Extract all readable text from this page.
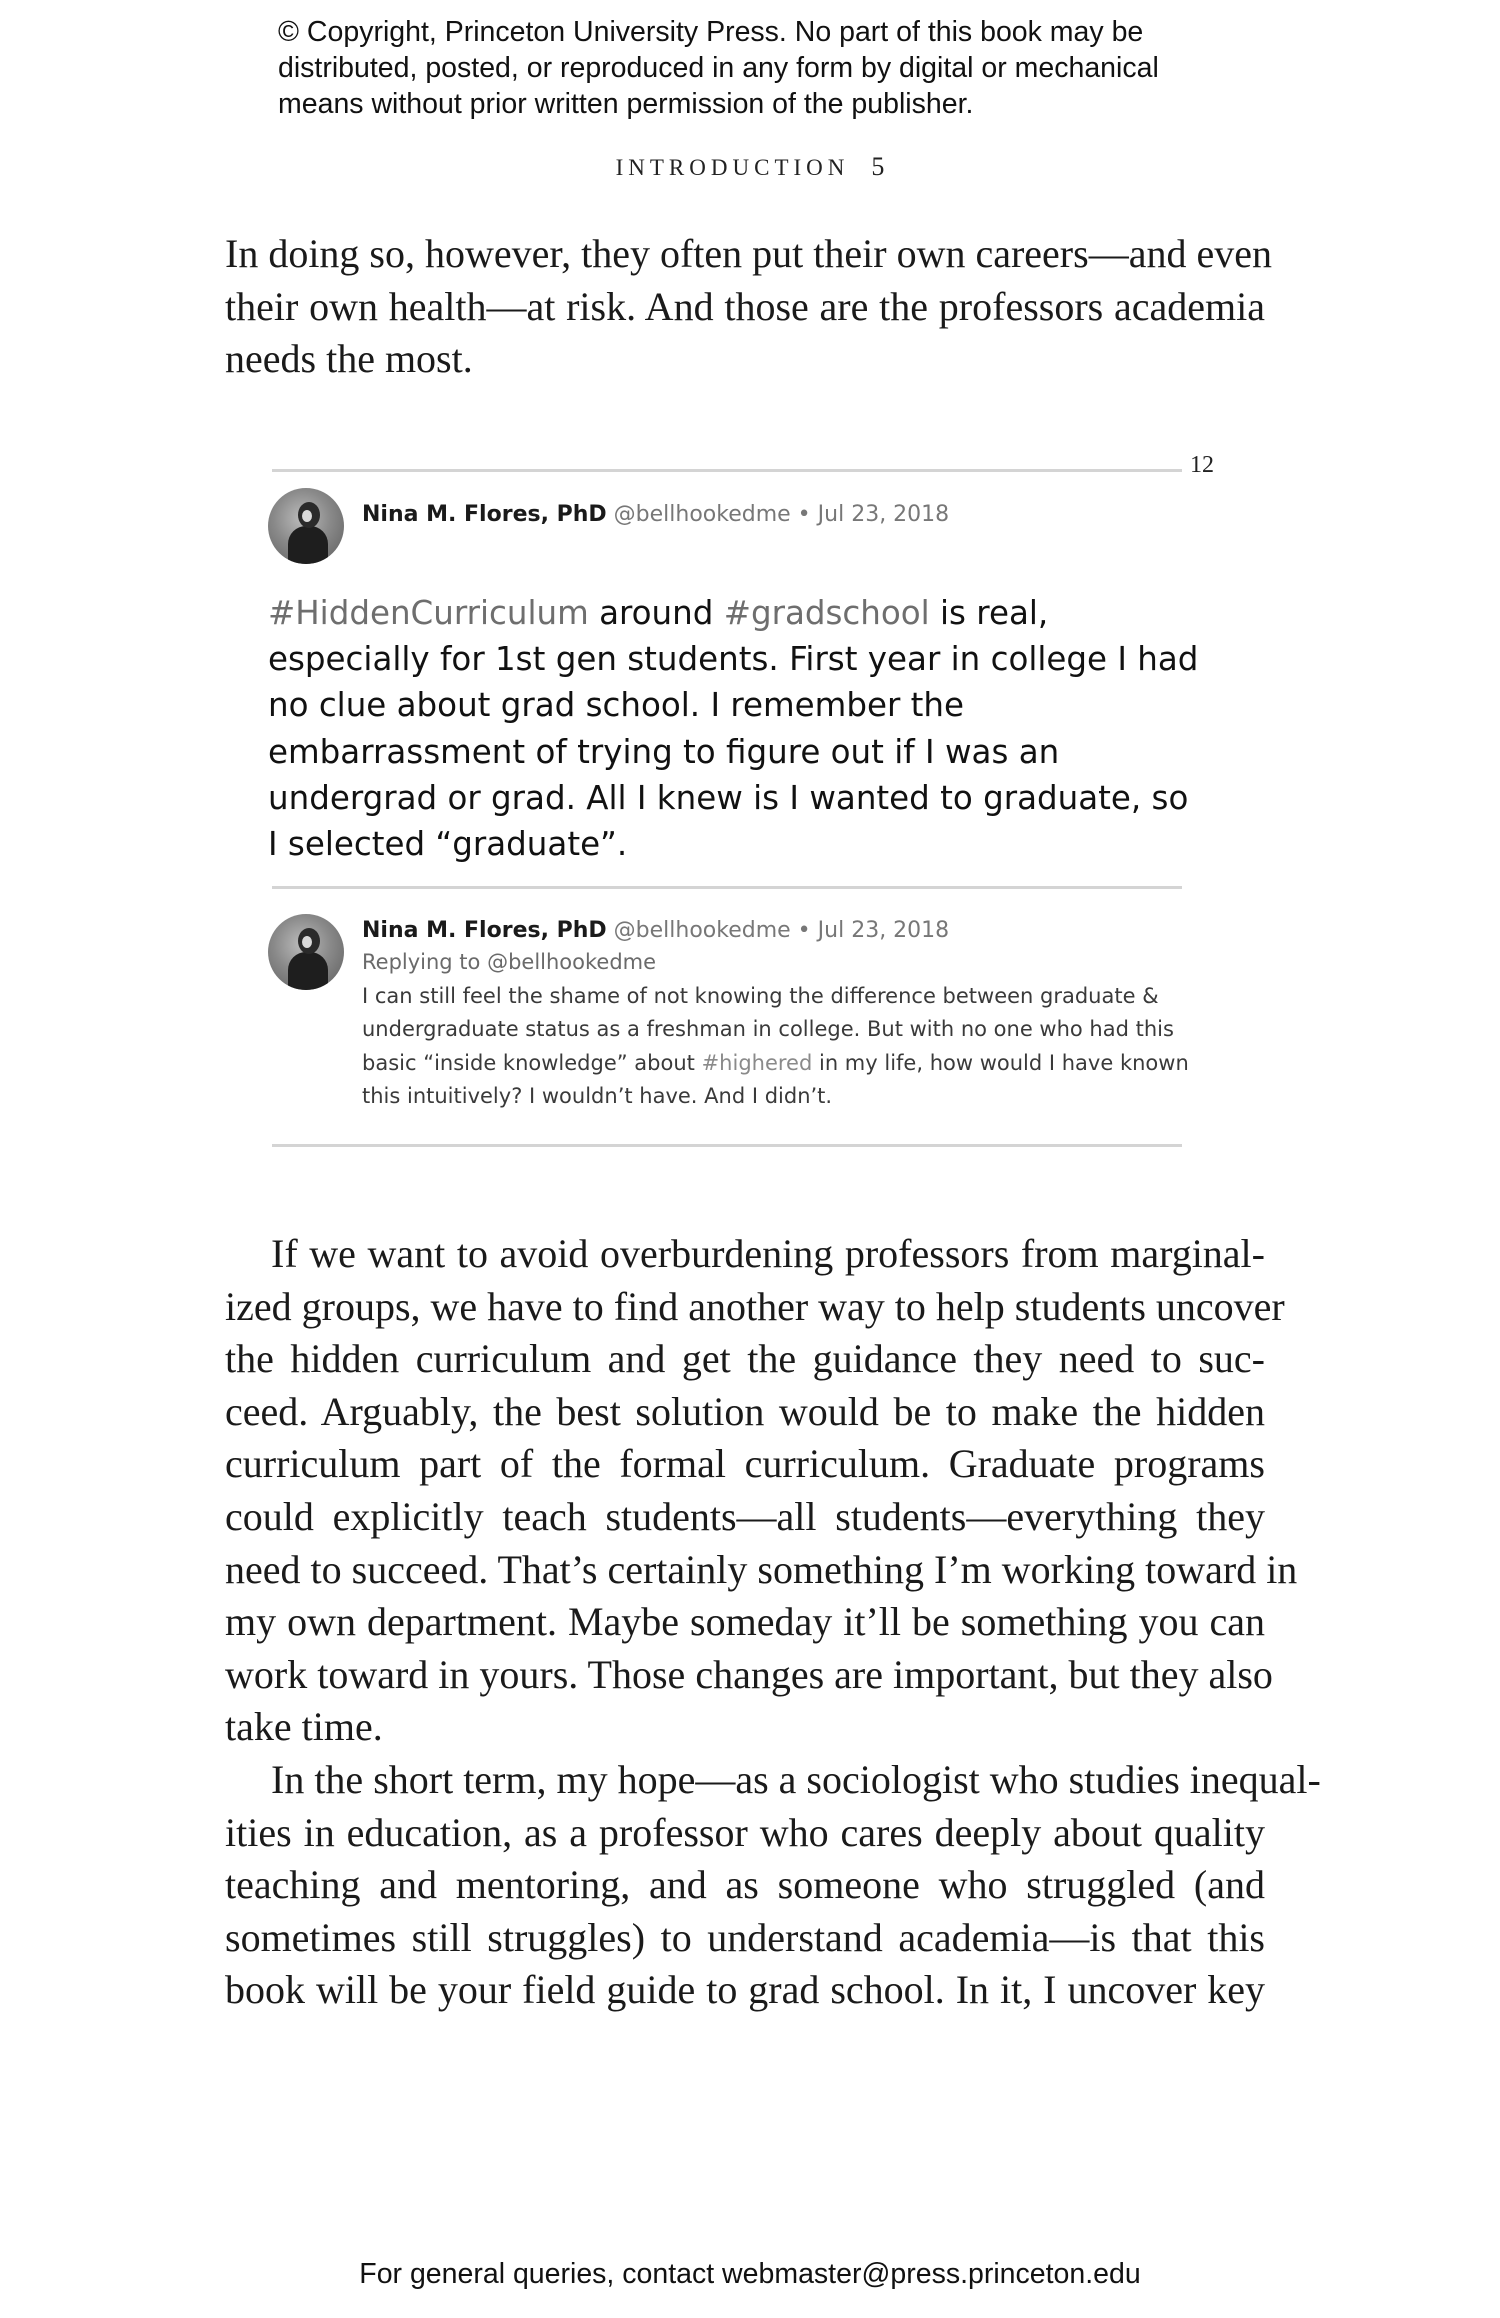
© Copyright, Princeton University Press. No part of this book may be
distributed, posted, or reproduced in any form by digital or mechanical
means without prior written permission of the publisher.
INTRODUCTION 5
In doing so, however, they often put their own careers—and even
their own health—at risk. And those are the professors academia
needs the most.
12
Nina M. Flores, PhD @bellhookedme • Jul 23, 2018
#HiddenCurriculum around #gradschool is real,
especially for 1st gen students. First year in college I had
no clue about grad school. I remember the
embarrassment of trying to figure out if I was an
undergrad or grad. All I knew is I wanted to graduate, so
I selected “graduate”.
Nina M. Flores, PhD @bellhookedme • Jul 23, 2018
Replying to @bellhookedme
I can still feel the shame of not knowing the difference between graduate &
undergraduate status as a freshman in college. But with no one who had this
basic “inside knowledge” about #highered in my life, how would I have known
this intuitively? I wouldn’t have. And I didn’t.
If we want to avoid overburdening professors from marginal-
ized groups, we have to find another way to help students uncover
the hidden curriculum and get the guidance they need to suc-
ceed. Arguably, the best solution would be to make the hidden
curriculum part of the formal curriculum. Graduate programs
could explicitly teach students—all students—everything they
need to succeed. That’s certainly something I’m working toward in
my own department. Maybe someday it’ll be something you can
work toward in yours. Those changes are important, but they also
take time.
In the short term, my hope—as a sociologist who studies inequal-
ities in education, as a professor who cares deeply about quality
teaching and mentoring, and as someone who struggled (and
sometimes still struggles) to understand academia—is that this
book will be your field guide to grad school. In it, I uncover key
For general queries, contact webmaster@press.princeton.edu
